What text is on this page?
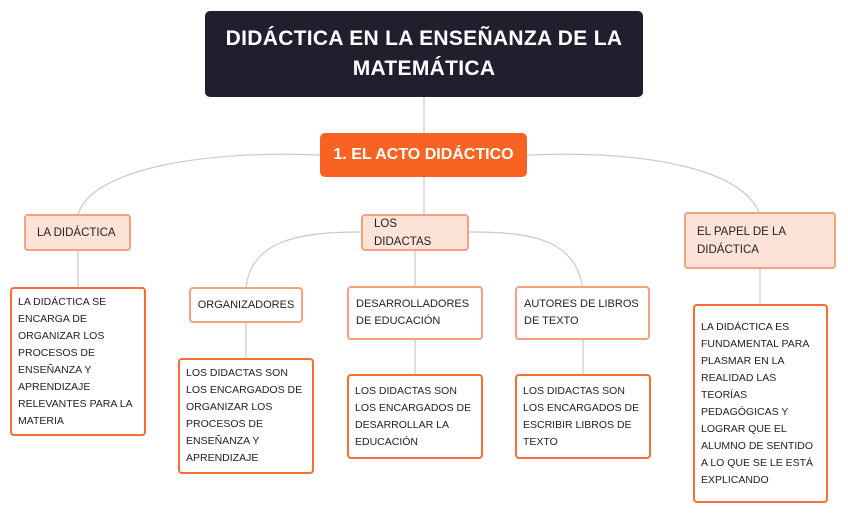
DIDÁCTICA EN LA ENSEÑANZA DE LA MATEMÁTICA
1. EL ACTO DIDÁCTICO
LA DIDÁCTICA
LOS DIDACTAS
EL PAPEL DE LA DIDÁCTICA
ORGANIZADORES	DESARROLLADORES DE EDUCACIÓN
AUTORES DE LIBROS DE TEXTO
LA DIDÁCTICA SE ENCARGA DE ORGANIZAR LOS PROCESOS DE ENSEÑANZA Y APRENDIZAJE RELEVANTES PARA LA MATERIA
LOS DIDACTAS SON LOS ENCARGADOS DE ORGANIZAR LOS PROCESOS DE ENSEÑANZA Y APRENDIZAJE
LOS DIDACTAS SON LOS ENCARGADOS DE DESARROLLAR LA EDUCACIÓN
LOS DIDACTAS SON LOS ENCARGADOS DE ESCRIBIR LIBROS DE TEXTO
LA DIDÁCTICA ES FUNDAMENTAL PARA PLASMAR EN LA REALIDAD LAS TEORÍAS PEDAGÓGICAS Y LOGRAR QUE EL ALUMNO DE SENTIDO A LO QUE SE LE ESTÁ EXPLICANDO
